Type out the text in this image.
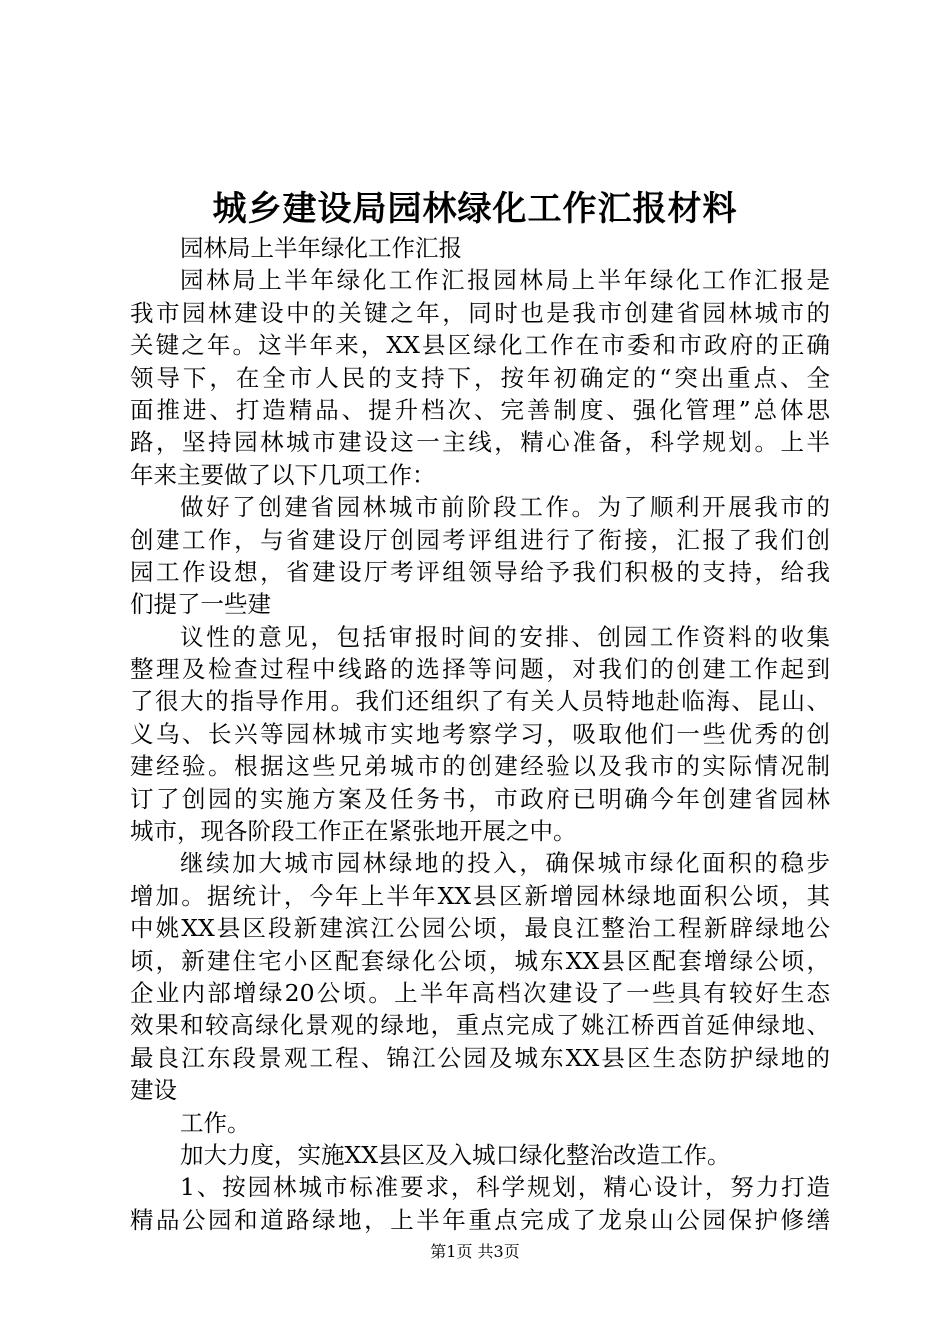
城乡建设局园林绿化工作汇报材料
园林局上半年绿化工作汇报
园林局上半年绿化工作汇报园林局上半年绿化工作汇报是
我市园林建设中的关键之年，同时也是我市创建省园林城市的
关键之年。这半年来，XX县区绿化工作在市委和市政府的正确
领导下，在全市人民的支持下，按年初确定的“突出重点、全
面推进、打造精品、提升档次、完善制度、强化管理”总体思
路，坚持园林城市建设这一主线，精心准备，科学规划。上半
年来主要做了以下几项工作：
做好了创建省园林城市前阶段工作。为了顺利开展我市的
创建工作，与省建设厅创园考评组进行了衔接，汇报了我们创
园工作设想，省建设厅考评组领导给予我们积极的支持，给我
们提了一些建
议性的意见，包括审报时间的安排、创园工作资料的收集
整理及检查过程中线路的选择等问题，对我们的创建工作起到
了很大的指导作用。我们还组织了有关人员特地赴临海、昆山、
义乌、长兴等园林城市实地考察学习，吸取他们一些优秀的创
建经验。根据这些兄弟城市的创建经验以及我市的实际情况制
订了创园的实施方案及任务书，市政府已明确今年创建省园林
城市，现各阶段工作正在紧张地开展之中。
继续加大城市园林绿地的投入，确保城市绿化面积的稳步
增加。据统计，今年上半年XX县区新增园林绿地面积公顷，其
中姚XX县区段新建滨江公园公顷，最良江整治工程新辟绿地公
顷，新建住宅小区配套绿化公顷，城东XX县区配套增绿公顷，
企业内部增绿20公顷。上半年高档次建设了一些具有较好生态
效果和较高绿化景观的绿地，重点完成了姚江桥西首延伸绿地、
最良江东段景观工程、锦江公园及城东XX县区生态防护绿地的
建设
工作。
加大力度，实施XX县区及入城口绿化整治改造工作。
1、按园林城市标准要求，科学规划，精心设计，努力打造
精品公园和道路绿地，上半年重点完成了龙泉山公园保护修缮
第1页 共3页
